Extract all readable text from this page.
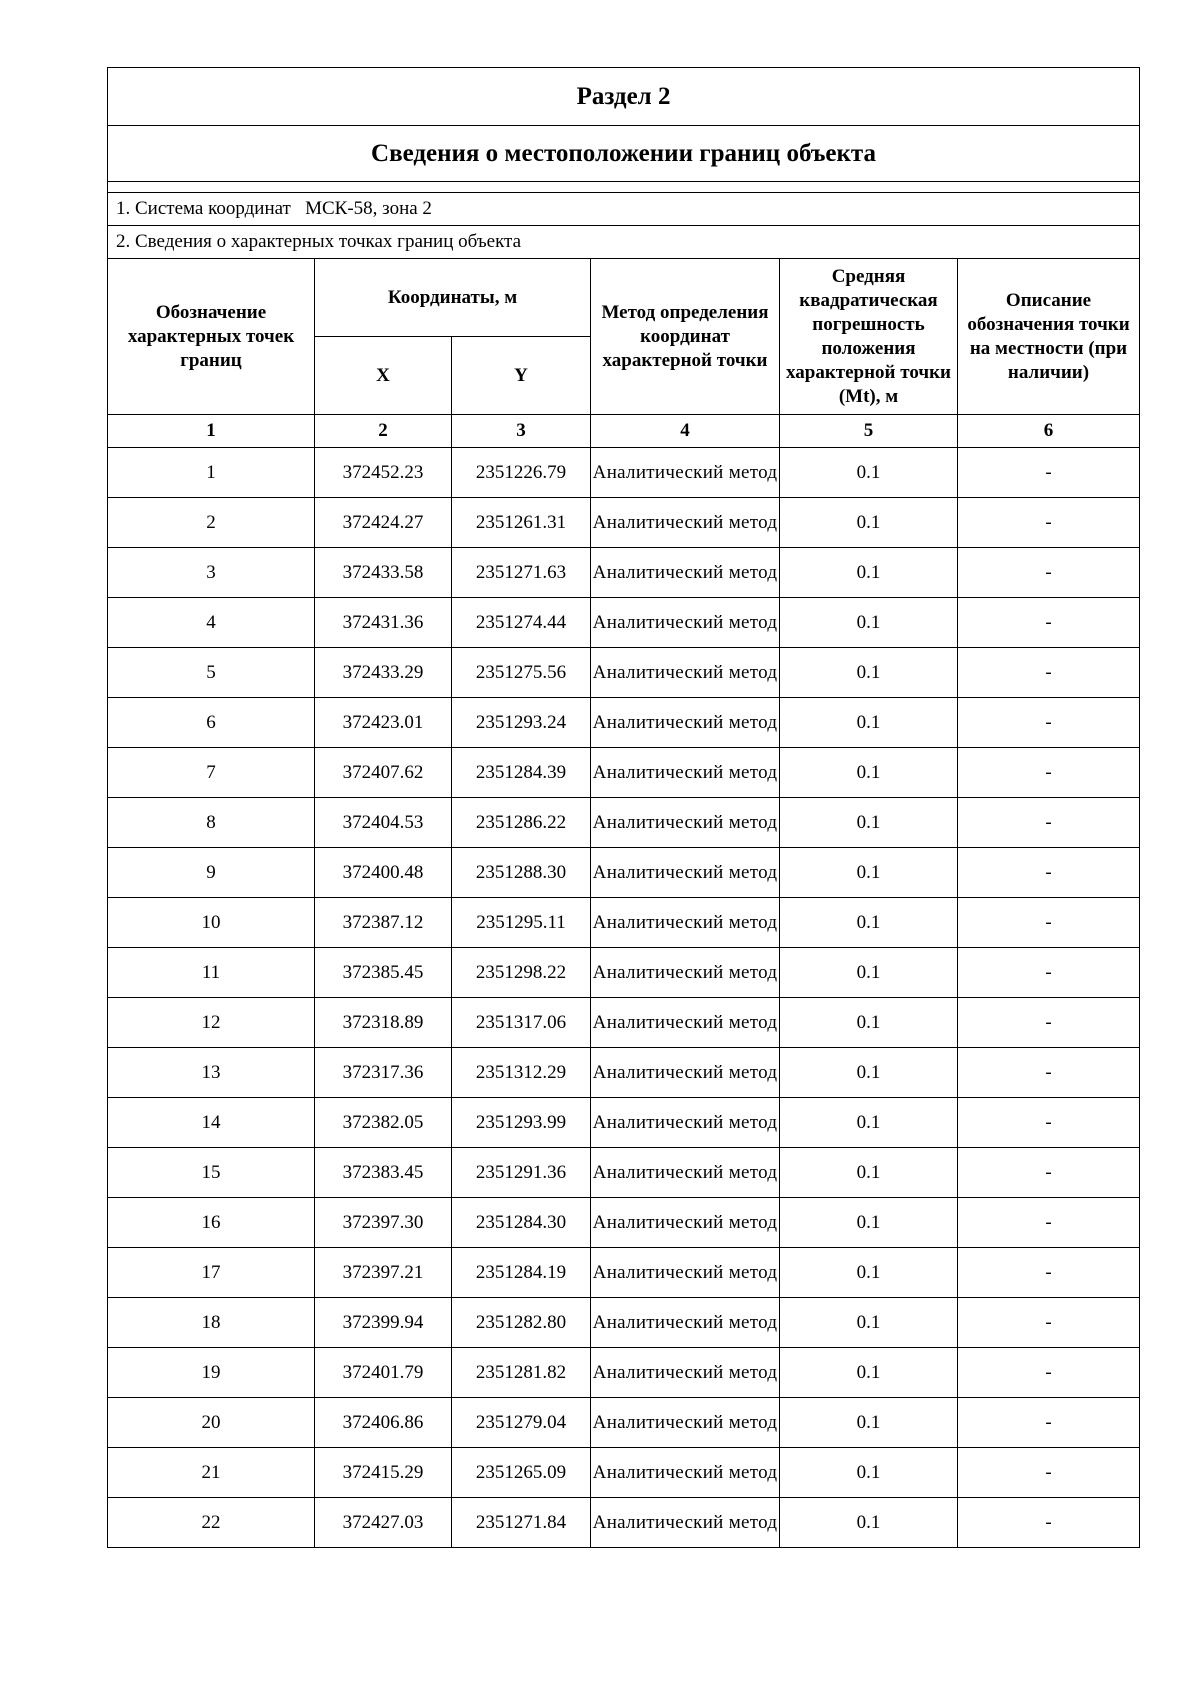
Раздел 2					
Сведения о местоположении границ объекта					

1. Система координат МСК-58, зона 2					
2. Сведения о характерных точках границ объекта					
Обозначение характерных точек границ	Координаты, м		Метод определения координат характерной точки	Средняя квадратическая погрешность положения характерной точки (Mt), м	Описание обозначения точки на местности (при наличии)
	X	Y			
1	2	3	4	5	6
1	372452.23	2351226.79	Аналитический метод	0.1	-
2	372424.27	2351261.31	Аналитический метод	0.1	-
3	372433.58	2351271.63	Аналитический метод	0.1	-
4	372431.36	2351274.44	Аналитический метод	0.1	-
5	372433.29	2351275.56	Аналитический метод	0.1	-
6	372423.01	2351293.24	Аналитический метод	0.1	-
7	372407.62	2351284.39	Аналитический метод	0.1	-
8	372404.53	2351286.22	Аналитический метод	0.1	-
9	372400.48	2351288.30	Аналитический метод	0.1	-
10	372387.12	2351295.11	Аналитический метод	0.1	-
11	372385.45	2351298.22	Аналитический метод	0.1	-
12	372318.89	2351317.06	Аналитический метод	0.1	-
13	372317.36	2351312.29	Аналитический метод	0.1	-
14	372382.05	2351293.99	Аналитический метод	0.1	-
15	372383.45	2351291.36	Аналитический метод	0.1	-
16	372397.30	2351284.30	Аналитический метод	0.1	-
17	372397.21	2351284.19	Аналитический метод	0.1	-
18	372399.94	2351282.80	Аналитический метод	0.1	-
19	372401.79	2351281.82	Аналитический метод	0.1	-
20	372406.86	2351279.04	Аналитический метод	0.1	-
21	372415.29	2351265.09	Аналитический метод	0.1	-
22	372427.03	2351271.84	Аналитический метод	0.1	-
